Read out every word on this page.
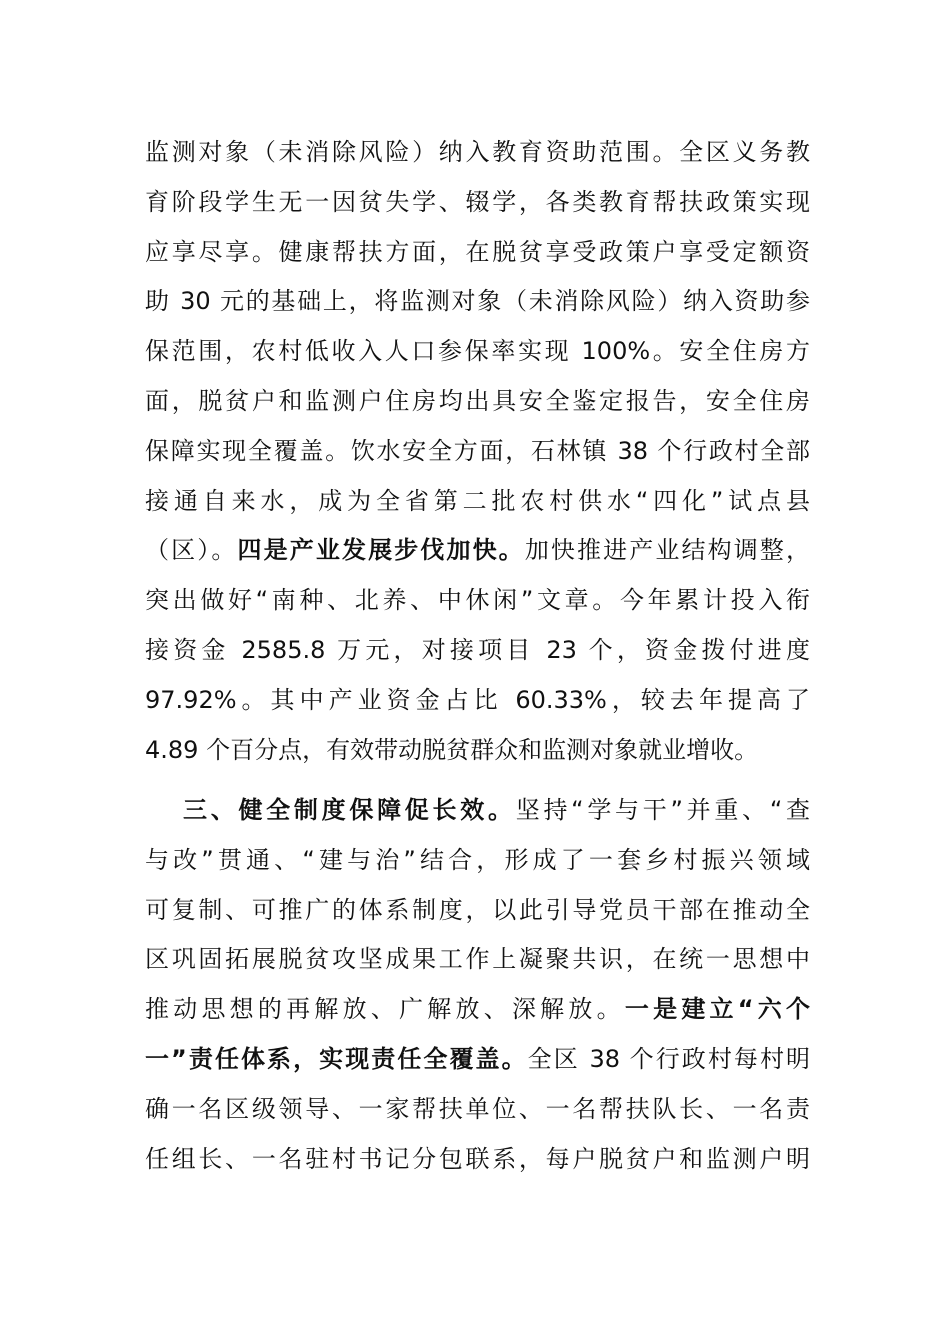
监测对象（未消除风险）纳入教育资助范围。全区义务教
育阶段学生无一因贫失学、辍学，各类教育帮扶政策实现
应享尽享。健康帮扶方面，在脱贫享受政策户享受定额资
助 30 元的基础上，将监测对象（未消除风险）纳入资助参
保范围，农村低收入人口参保率实现 100%。安全住房方
面，脱贫户和监测户住房均出具安全鉴定报告，安全住房
保障实现全覆盖。饮水安全方面，石林镇 38 个行政村全部
接通自来水，成为全省第二批农村供水“四化”试点县
（区）。四是产业发展步伐加快。加快推进产业结构调整，
突出做好“南种、北养、中休闲”文章。今年累计投入衔
接资金 2585.8 万元，对接项目 23 个，资金拨付进度
97.92%。其中产业资金占比 60.33%，较去年提高了
4.89 个百分点，有效带动脱贫群众和监测对象就业增收。
三、健全制度保障促长效。坚持“学与干”并重、“查
与改”贯通、“建与治”结合，形成了一套乡村振兴领域
可复制、可推广的体系制度，以此引导党员干部在推动全
区巩固拓展脱贫攻坚成果工作上凝聚共识，在统一思想中
推动思想的再解放、广解放、深解放。一是建立“六个
一”责任体系，实现责任全覆盖。全区 38 个行政村每村明
确一名区级领导、一家帮扶单位、一名帮扶队长、一名责
任组长、一名驻村书记分包联系，每户脱贫户和监测户明
